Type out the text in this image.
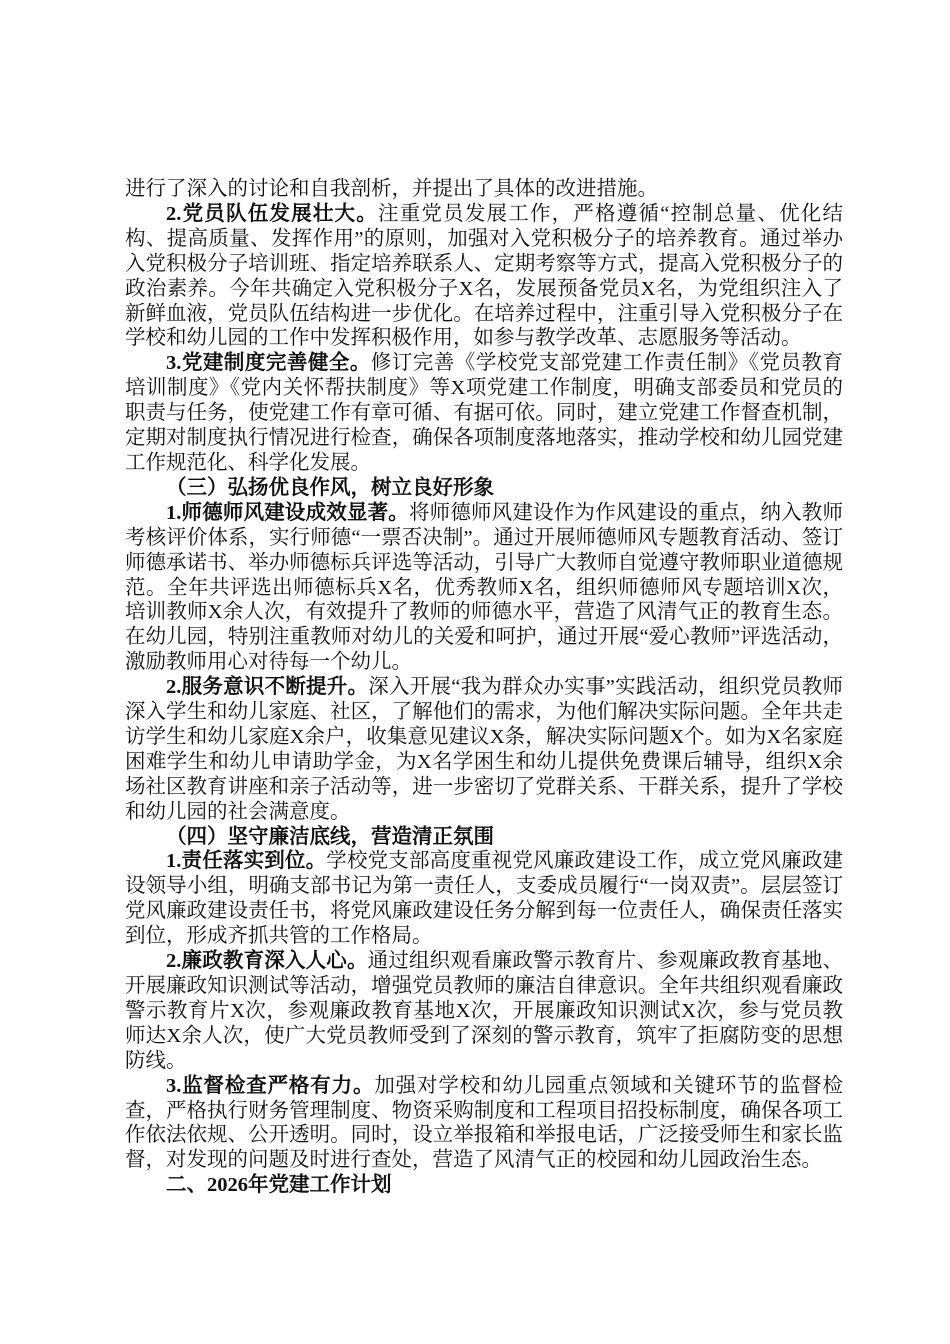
进行了深入的讨论和自我剖析，并提出了具体的改进措施。

2.党员队伍发展壮大。注重党员发展工作，严格遵循“控制总量、优化结构、提高质量、发挥作用”的原则，加强对入党积极分子的培养教育。通过举办入党积极分子培训班、指定培养联系人、定期考察等方式，提高入党积极分子的政治素养。今年共确定入党积极分子X名，发展预备党员X名，为党组织注入了新鲜血液，党员队伍结构进一步优化。在培养过程中，注重引导入党积极分子在学校和幼儿园的工作中发挥积极作用，如参与教学改革、志愿服务等活动。

3.党建制度完善健全。修订完善《学校党支部党建工作责任制》《党员教育培训制度》《党内关怀帮扶制度》等X项党建工作制度，明确支部委员和党员的职责与任务，使党建工作有章可循、有据可依。同时，建立党建工作督查机制，定期对制度执行情况进行检查，确保各项制度落地落实，推动学校和幼儿园党建工作规范化、科学化发展。

（三）弘扬优良作风，树立良好形象

1.师德师风建设成效显著。将师德师风建设作为作风建设的重点，纳入教师考核评价体系，实行师德“一票否决制”。通过开展师德师风专题教育活动、签订师德承诺书、举办师德标兵评选等活动，引导广大教师自觉遵守教师职业道德规范。全年共评选出师德标兵X名，优秀教师X名，组织师德师风专题培训X次，培训教师X余人次，有效提升了教师的师德水平，营造了风清气正的教育生态。在幼儿园，特别注重教师对幼儿的关爱和呵护，通过开展“爱心教师”评选活动，激励教师用心对待每一个幼儿。

2.服务意识不断提升。深入开展“我为群众办实事”实践活动，组织党员教师深入学生和幼儿家庭、社区，了解他们的需求，为他们解决实际问题。全年共走访学生和幼儿家庭X余户，收集意见建议X条，解决实际问题X个。如为X名家庭困难学生和幼儿申请助学金，为X名学困生和幼儿提供免费课后辅导，组织X余场社区教育讲座和亲子活动等，进一步密切了党群关系、干群关系，提升了学校和幼儿园的社会满意度。

（四）坚守廉洁底线，营造清正氛围

1.责任落实到位。学校党支部高度重视党风廉政建设工作，成立党风廉政建设领导小组，明确支部书记为第一责任人，支委成员履行“一岗双责”。层层签订党风廉政建设责任书，将党风廉政建设任务分解到每一位责任人，确保责任落实到位，形成齐抓共管的工作格局。

2.廉政教育深入人心。通过组织观看廉政警示教育片、参观廉政教育基地、开展廉政知识测试等活动，增强党员教师的廉洁自律意识。全年共组织观看廉政警示教育片X次，参观廉政教育基地X次，开展廉政知识测试X次，参与党员教师达X余人次，使广大党员教师受到了深刻的警示教育，筑牢了拒腐防变的思想防线。

3.监督检查严格有力。加强对学校和幼儿园重点领域和关键环节的监督检查，严格执行财务管理制度、物资采购制度和工程项目招投标制度，确保各项工作依法依规、公开透明。同时，设立举报箱和举报电话，广泛接受师生和家长监督，对发现的问题及时进行查处，营造了风清气正的校园和幼儿园政治生态。

二、2026年党建工作计划
